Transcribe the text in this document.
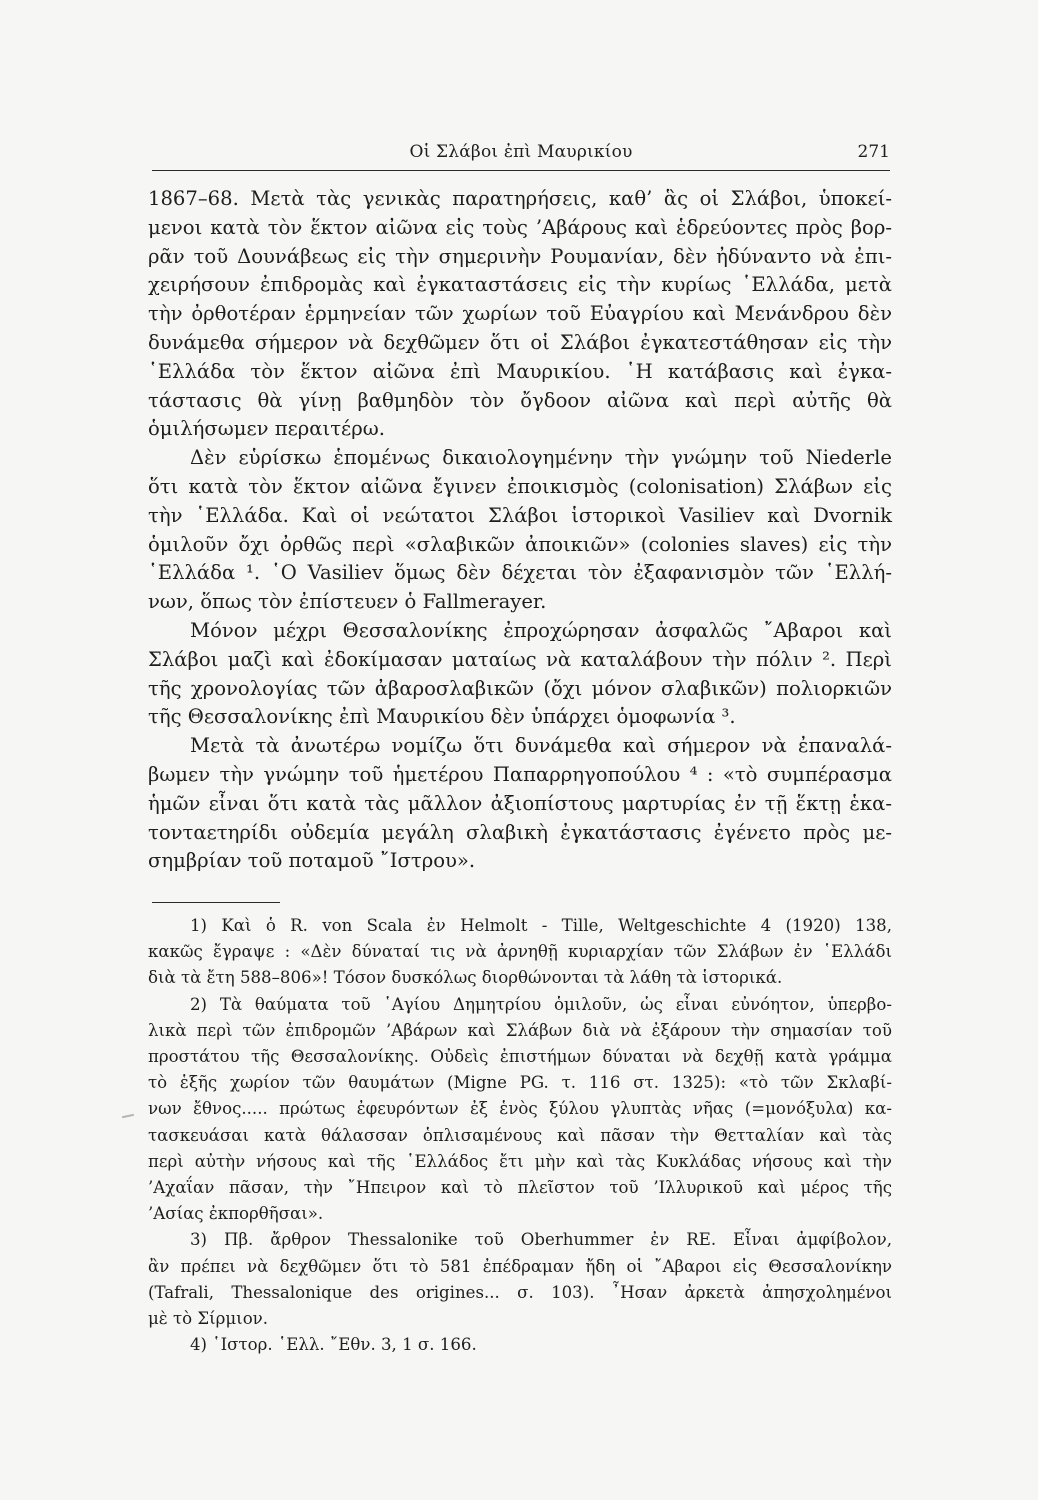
Οἱ Σλάβοι ἐπὶ Μαυρικίου	271

1867–68. Μετὰ τὰς γενικὰς παρατηρήσεις, καθ’ ἃς οἱ Σλάβοι, ὑποκεί-
μενοι κατὰ τὸν ἕκτον αἰῶνα εἰς τοὺς ’Αβάρους καὶ ἑδρεύοντες πρὸς βορ-
ρᾶν τοῦ Δουνάβεως εἰς τὴν σημερινὴν Ρουμανίαν, δὲν ἠδύναντο νὰ ἐπι-
χειρήσουν ἐπιδρομὰς καὶ ἐγκαταστάσεις εἰς τὴν κυρίως ῾Ελλάδα, μετὰ
τὴν ὀρθοτέραν ἑρμηνείαν τῶν χωρίων τοῦ Εὐαγρίου καὶ Μενάνδρου δὲν
δυνάμεθα σήμερον νὰ δεχθῶμεν ὅτι οἱ Σλάβοι ἐγκατεστάθησαν εἰς τὴν
῾Ελλάδα τὸν ἕκτον αἰῶνα ἐπὶ Μαυρικίου. ῾Η κατάβασις καὶ ἐγκα-
τάστασις θὰ γίνῃ βαθμηδὸν τὸν ὄγδοον αἰῶνα καὶ περὶ αὐτῆς θὰ
ὁμιλήσωμεν περαιτέρω.

Δὲν εὑρίσκω ἑπομένως δικαιολογημένην τὴν γνώμην τοῦ Niederle
ὅτι κατὰ τὸν ἕκτον αἰῶνα ἔγινεν ἐποικισμὸς (colonisation) Σλάβων εἰς
τὴν ῾Ελλάδα. Καὶ οἱ νεώτατοι Σλάβοι ἱστορικοὶ Vasiliev καὶ Dvornik
ὁμιλοῦν ὄχι ὀρθῶς περὶ «σλαβικῶν ἀποικιῶν» (colonies slaves) εἰς τὴν
῾Ελλάδα ¹. ῾Ο Vasiliev ὅμως δὲν δέχεται τὸν ἐξαφανισμὸν τῶν ῾Ελλή-
νων, ὅπως τὸν ἐπίστευεν ὁ Fallmerayer.

Μόνον μέχρι Θεσσαλονίκης ἐπροχώρησαν ἀσφαλῶς ῎Αβαροι καὶ
Σλάβοι μαζὶ καὶ ἐδοκίμασαν ματαίως νὰ καταλάβουν τὴν πόλιν ². Περὶ
τῆς χρονολογίας τῶν ἀβαροσλαβικῶν (ὄχι μόνον σλαβικῶν) πολιορκιῶν
τῆς Θεσσαλονίκης ἐπὶ Μαυρικίου δὲν ὑπάρχει ὁμοφωνία ³.

Μετὰ τὰ ἀνωτέρω νομίζω ὅτι δυνάμεθα καὶ σήμερον νὰ ἐπαναλά-
βωμεν τὴν γνώμην τοῦ ἡμετέρου Παπαρρηγοπούλου ⁴ : «τὸ συμπέρασμα
ἡμῶν εἶναι ὅτι κατὰ τὰς μᾶλλον ἀξιοπίστους μαρτυρίας ἐν τῇ ἕκτῃ ἑκα-
τονταετηρίδι οὐδεμία μεγάλη σλαβικὴ ἐγκατάστασις ἐγένετο πρὸς με-
σημβρίαν τοῦ ποταμοῦ ῎Ιστρου».

1) Καὶ ὁ R. von Scala ἐν Helmolt - Tille, Weltgeschichte 4 (1920) 138,
κακῶς ἔγραψε : «Δὲν δύναταί τις νὰ ἀρνηθῇ κυριαρχίαν τῶν Σλάβων ἐν ῾Ελλάδι
διὰ τὰ ἔτη 588–806»! Τόσον δυσκόλως διορθώνονται τὰ λάθη τὰ ἱστορικά.
2) Τὰ θαύματα τοῦ ῾Αγίου Δημητρίου ὁμιλοῦν, ὡς εἶναι εὐνόητον, ὑπερβο-
λικὰ περὶ τῶν ἐπιδρομῶν ’Αβάρων καὶ Σλάβων διὰ νὰ ἐξάρουν τὴν σημασίαν τοῦ
προστάτου τῆς Θεσσαλονίκης. Οὐδεὶς ἐπιστήμων δύναται νὰ δεχθῇ κατὰ γράμμα
τὸ ἑξῆς χωρίον τῶν θαυμάτων (Migne PG. τ. 116 στ. 1325): «τὸ τῶν Σκλαβί-
νων ἔθνος..... πρώτως ἐφευρόντων ἐξ ἑνὸς ξύλου γλυπτὰς νῆας (=μονόξυλα) κα-
τασκευάσαι κατὰ θάλασσαν ὁπλισαμένους καὶ πᾶσαν τὴν Θετταλίαν καὶ τὰς
περὶ αὐτὴν νήσους καὶ τῆς ῾Ελλάδος ἔτι μὴν καὶ τὰς Κυκλάδας νήσους καὶ τὴν
’Αχαΐαν πᾶσαν, τὴν ῎Ηπειρον καὶ τὸ πλεῖστον τοῦ ’Ιλλυρικοῦ καὶ μέρος τῆς
’Ασίας ἐκπορθῆσαι».
3) Πβ. ἄρθρον Thessalonike τοῦ Oberhummer ἐν RE. Εἶναι ἀμφίβολον,
ἂν πρέπει νὰ δεχθῶμεν ὅτι τὸ 581 ἐπέδραμαν ἤδη οἱ ῎Αβαροι εἰς Θεσσαλονίκην
(Tafrali, Thessalonique des origines... σ. 103). ῏Ησαν ἀρκετὰ ἀπησχολημένοι
μὲ τὸ Σίρμιον.
4) ῾Ιστορ. ῾Ελλ. ῎Εθν. 3, 1 σ. 166.
